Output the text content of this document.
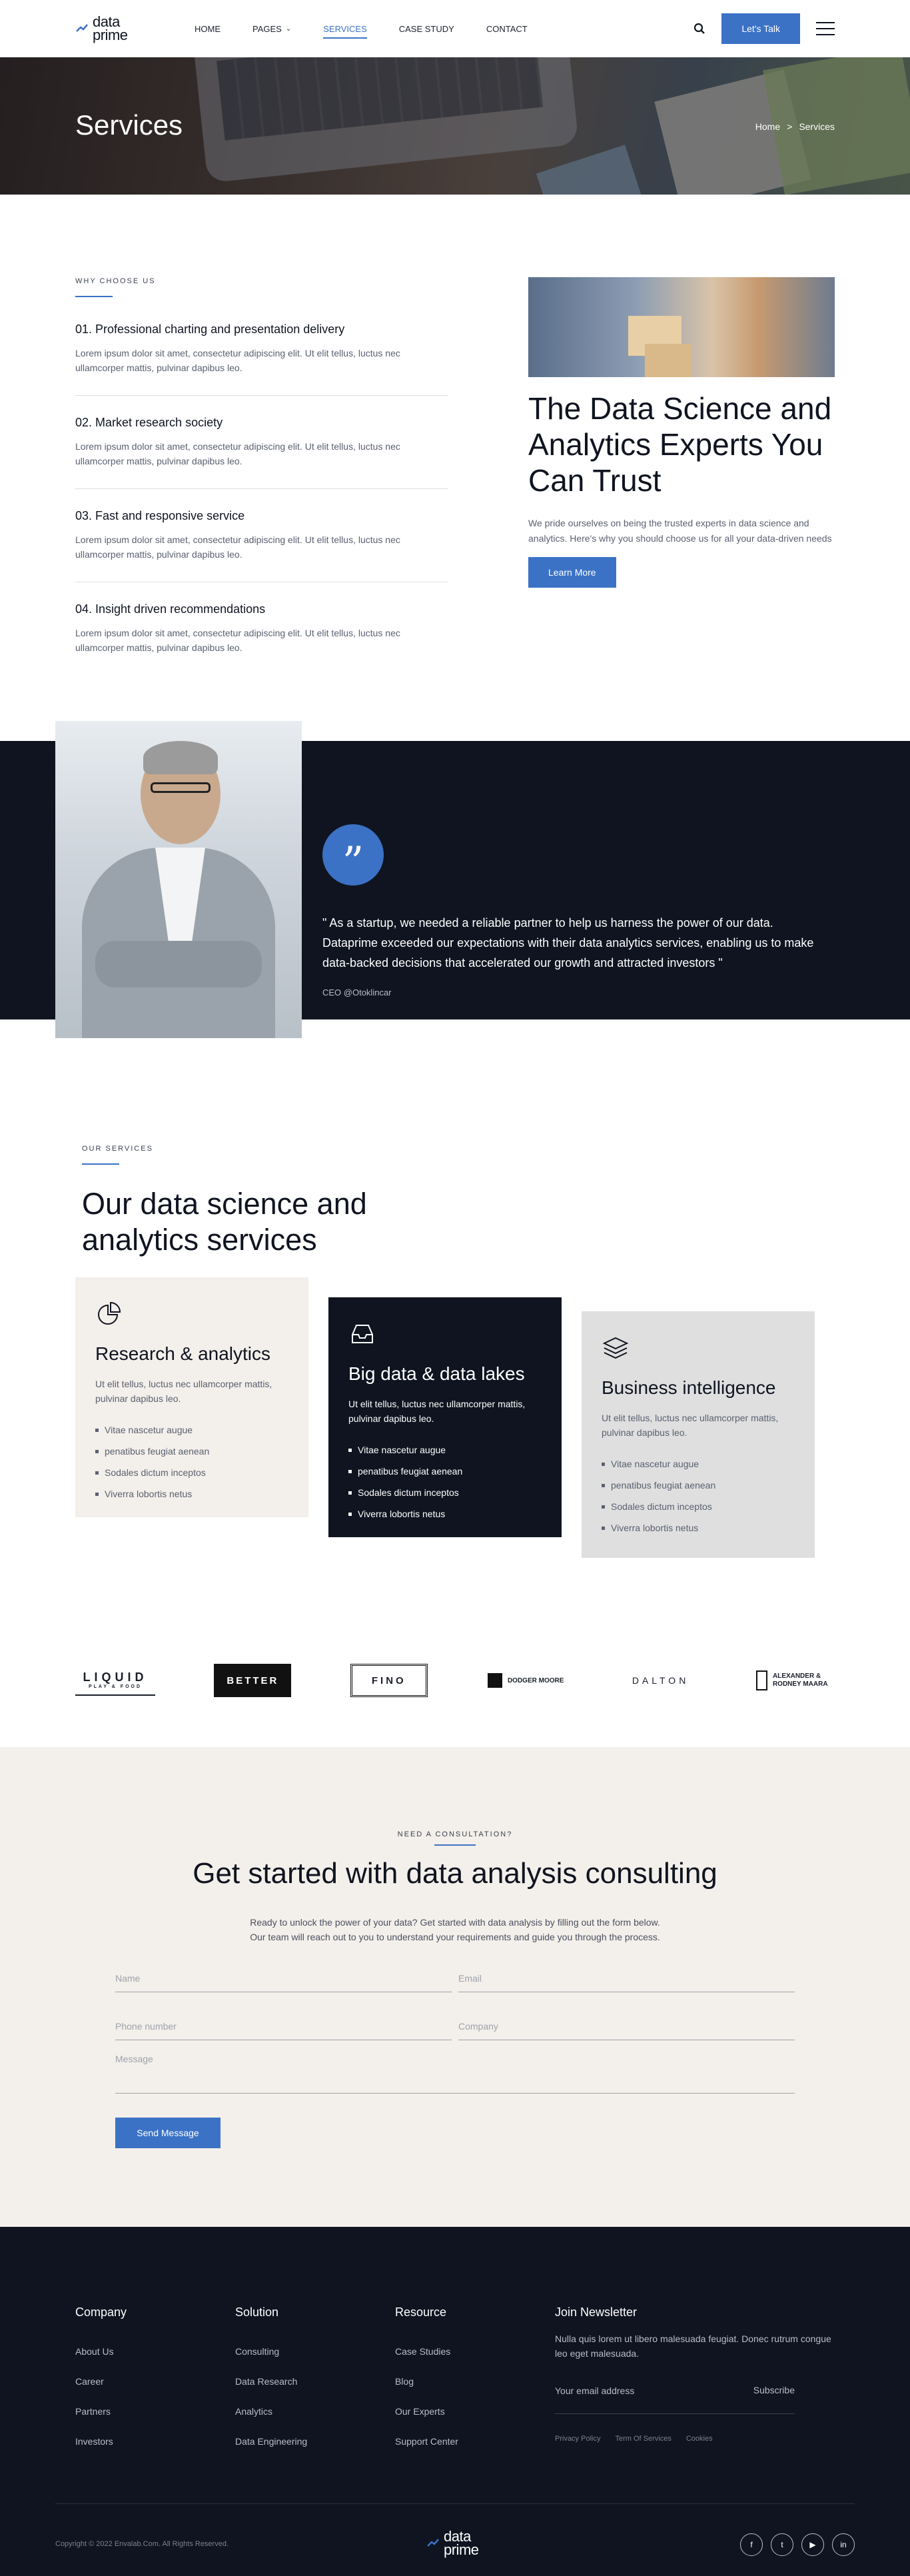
data
prime	HOME	PAGES ⌄	SERVICES	CASE STUDY	CONTACT	Let's Talk
Services	Home > Services
WHY CHOOSE US
01. Professional charting and presentation delivery
Lorem ipsum dolor sit amet, consectetur adipiscing elit. Ut elit tellus, luctus nec ullamcorper mattis, pulvinar dapibus leo.
02. Market research society
Lorem ipsum dolor sit amet, consectetur adipiscing elit. Ut elit tellus, luctus nec ullamcorper mattis, pulvinar dapibus leo.
03. Fast and responsive service
Lorem ipsum dolor sit amet, consectetur adipiscing elit. Ut elit tellus, luctus nec ullamcorper mattis, pulvinar dapibus leo.
04. Insight driven recommendations
Lorem ipsum dolor sit amet, consectetur adipiscing elit. Ut elit tellus, luctus nec ullamcorper mattis, pulvinar dapibus leo.
The Data Science and Analytics Experts You Can Trust

We pride ourselves on being the trusted experts in data science and analytics. Here's why you should choose us for all your data-driven needs

Learn More
”

" As a startup, we needed a reliable partner to help us harness the power of our data. Dataprime exceeded our expectations with their data analytics services, enabling us to make data-backed decisions that accelerated our growth and attracted investors "

CEO @Otoklincar
OUR SERVICES
Our data science and analytics services
Research & analytics
Ut elit tellus, luctus nec ullamcorper mattis, pulvinar dapibus leo.
Vitae nascetur augue
penatibus feugiat aenean
Sodales dictum inceptos
Viverra lobortis netus
Big data & data lakes
Ut elit tellus, luctus nec ullamcorper mattis, pulvinar dapibus leo.
Vitae nascetur augue
penatibus feugiat aenean
Sodales dictum inceptos
Viverra lobortis netus
Business intelligence
Ut elit tellus, luctus nec ullamcorper mattis, pulvinar dapibus leo.
Vitae nascetur augue
penatibus feugiat aenean
Sodales dictum inceptos
Viverra lobortis netus
LIQUID
PLAY & FOOD
BETTER	FINO	DODGER MOORE	DALTON	ALEXANDER & RODNEY MAARA
NEED A CONSULTATION?
Get started with data analysis consulting
Ready to unlock the power of your data? Get started with data analysis by filling out the form below.
Our team will reach out to you to understand your requirements and guide you through the process.
Name
Email
Phone number
Company
Message
Send Message
Company
About Us
Career
Partners
Investors
Solution
Consulting
Data Research
Analytics
Data Engineering
Resource
Case Studies
Blog
Our Experts
Support Center
Join Newsletter

Nulla quis lorem ut libero malesuada feugiat. Donec rutrum congue leo eget malesuada.

Your email address
Subscribe
Privacy Policy Term Of Services Cookies
Copyright © 2022 Envalab.Com. All Rights Reserved.	data
prime	f	t	▶	in
